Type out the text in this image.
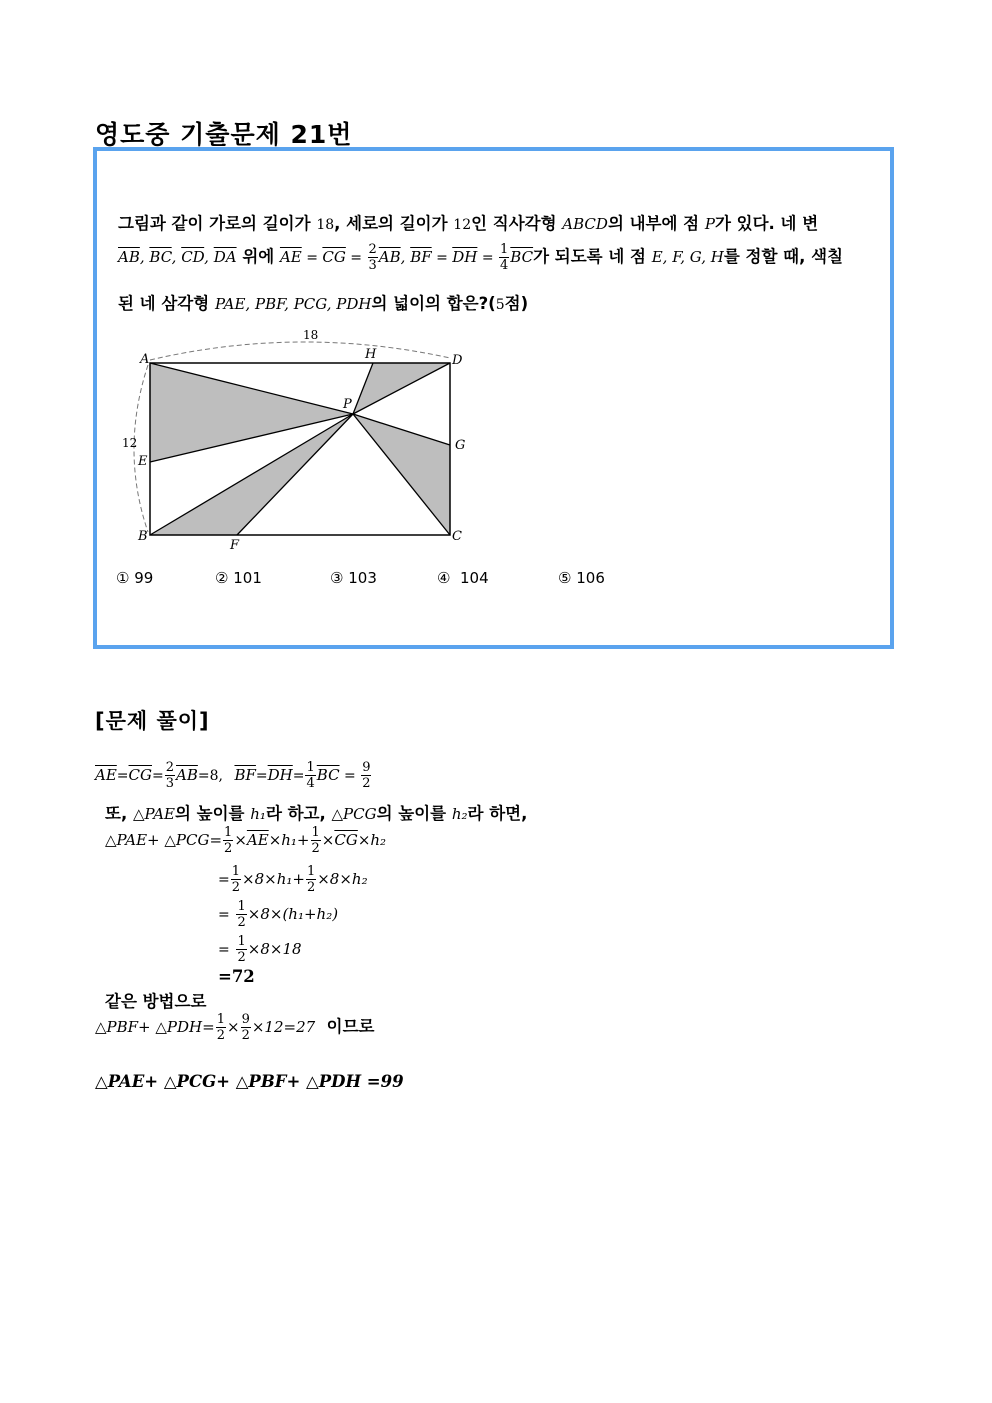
영도중 기출문제 21번
그림과 같이 가로의 길이가 18, 세로의 길이가 12인 직사각형 ABCD의 내부에 점 P가 있다. 네 변
$\overline{AB}$, $\overline{BC}$, $\overline{CD}$, $\overline{DA}$ 위에 $\overline{AE} = \overline{CG} = \frac{2}{3} \overline{AB}$, $\overline{BF} = \overline{DH} = \frac{1}{4} \overline{BC}$가 되도록 네 점 E, F, G, H를 정할 때, 색칠
된 네 삼각형 PAE, PBF, PCG, PDH의 넓이의 합은?(5점)
A
B	C
D
E
F
G
H
P
18
12
① 99	② 101	③ 103	④ 104	⑤ 106
[문제 풀이]
$\overline{AE}=\overline{CG}= \frac{2}{3} \overline{AB}=8$, $\overline{BF}=\overline{DH}= \frac{1}{4} \overline{BC} = \frac{9}{2}$
또, △PAE의 높이를 h₁라 하고, △PCG의 높이를 h₂라 하면,
△PAE+ △PCG= $\frac{1}{2} \times\overline{AE}\times h_1+ \frac{1}{2} \times\overline{CG}\times h_2$
= $\frac{1}{2} \times 8\times h_1+ \frac{1}{2} \times 8\times h_2$
= $\frac{1}{2} \times 8\times(h_1+h_2)$
= $\frac{1}{2} \times 8\times 18$
=72
같은 방법으로
△PBF+ △PDH= $\frac{1}{2} \times \frac{9}{2} \times 12=27$ 이므로
△PAE+ △PCG+ △PBF+ △PDH =99
